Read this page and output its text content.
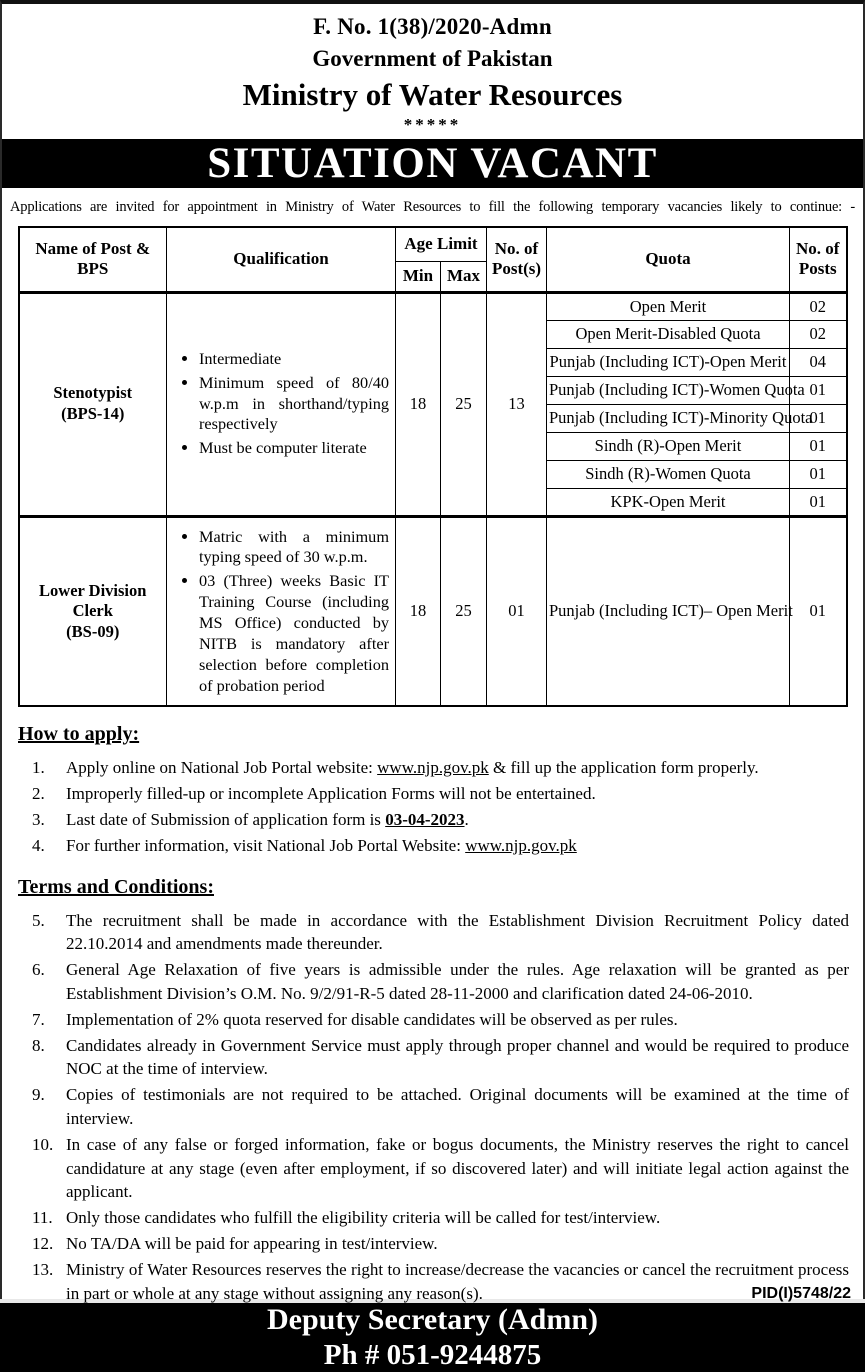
F. No. 1(38)/2020-Admn
Government of Pakistan
Ministry of Water Resources
*****
SITUATION VACANT

Applications are invited for appointment in Ministry of Water Resources to fill the following temporary vacancies likely to continue: -

Name of Post & BPS	Qualification	Age Limit		No. of Post(s)	Quota	No. of Posts
		Min	Max			

Stenotypist
(BPS-14)

• Intermediate
• Minimum speed of 80/40 w.p.m in shorthand/typing respectively
• Must be computer literate
	18	25	13	Open Merit	02
					Open Merit-Disabled Quota	02
					Punjab (Including ICT)-Open Merit	04
					Punjab (Including ICT)-Women Quota	01
					Punjab (Including ICT)-Minority Quota	01
					Sindh (R)-Open Merit	01
					Sindh (R)-Women Quota	01
					KPK-Open Merit	01

Lower Division Clerk
(BS-09)

• Matric with a minimum typing speed of 30 w.p.m.
• 03 (Three) weeks Basic IT Training Course (including MS Office) conducted by NITB is mandatory after selection before completion of probation period
	18	25	01	Punjab (Including ICT)– Open Merit	01
How to apply:
1.	Apply online on National Job Portal website: www.njp.gov.pk & fill up the application form properly.
2.	Improperly filled-up or incomplete Application Forms will not be entertained.
3.	Last date of Submission of application form is 03-04-2023.
4.	For further information, visit National Job Portal Website: www.njp.gov.pk
Terms and Conditions:
5.	The recruitment shall be made in accordance with the Establishment Division Recruitment Policy dated 22.10.2014 and amendments made thereunder.
6.	General Age Relaxation of five years is admissible under the rules. Age relaxation will be granted as per Establishment Division’s O.M. No. 9/2/91-R-5 dated 28-11-2000 and clarification dated 24-06-2010.
7.	Implementation of 2% quota reserved for disable candidates will be observed as per rules.
8.	Candidates already in Government Service must apply through proper channel and would be required to produce NOC at the time of interview.
9.	Copies of testimonials are not required to be attached. Original documents will be examined at the time of interview.
10. In case of any false or forged information, fake or bogus documents, the Ministry reserves the right to cancel candidature at any stage (even after employment, if so discovered later) and will initiate legal action against the applicant.
11. Only those candidates who fulfill the eligibility criteria will be called for test/interview.
12. No TA/DA will be paid for appearing in test/interview.
13. Ministry of Water Resources reserves the right to increase/decrease the vacancies or cancel the recruitment process in part or whole at any stage without assigning any reason(s).	PID(I)5748/22
Deputy Secretary (Admn)
Ph # 051-9244875
